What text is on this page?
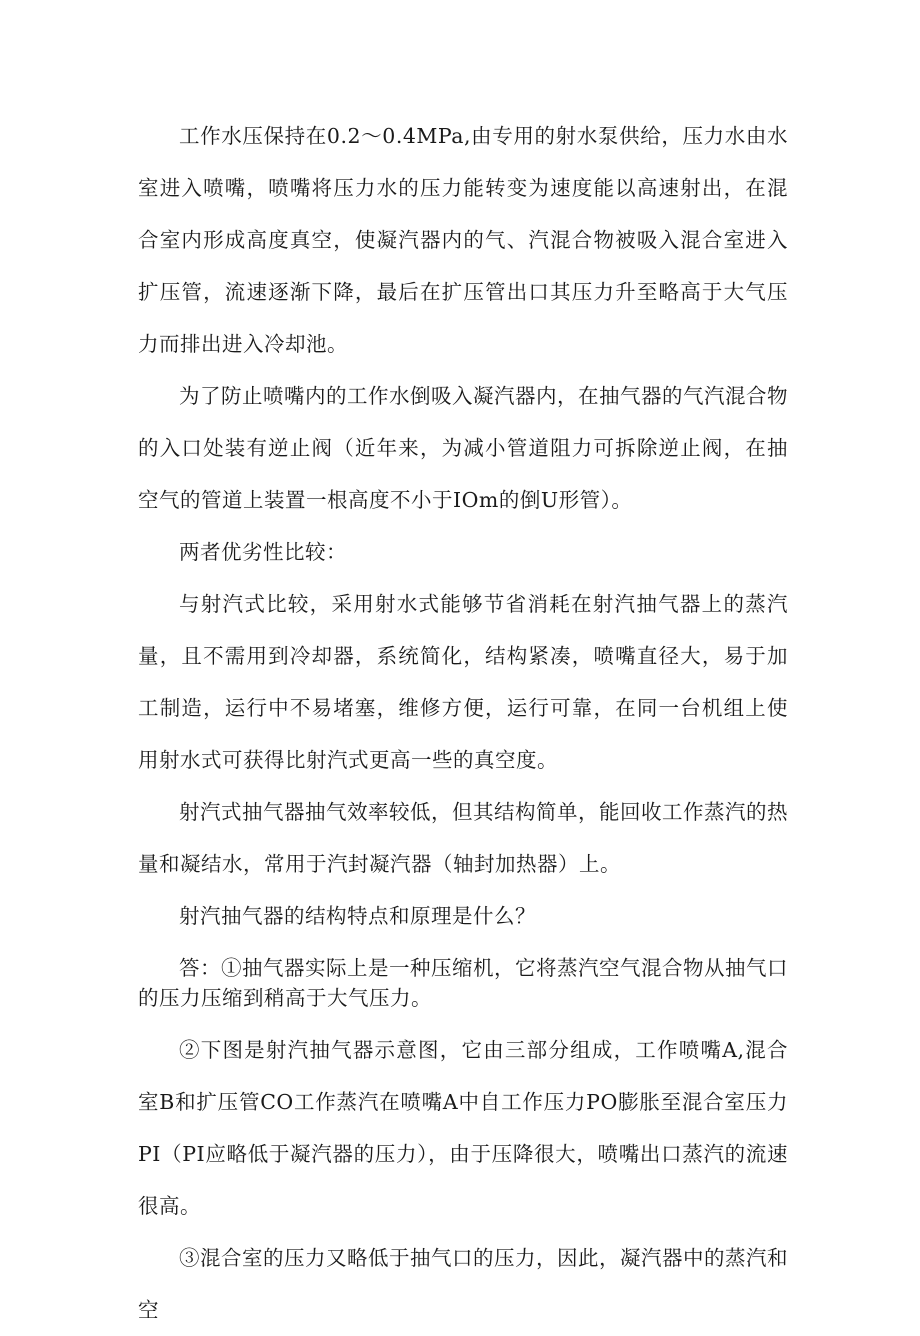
工作水压保持在0.2～0.4MPa,由专用的射水泵供给，压力水由水室进入喷嘴，喷嘴将压力水的压力能转变为速度能以高速射出，在混合室内形成高度真空，使凝汽器内的气、汽混合物被吸入混合室进入扩压管，流速逐渐下降，最后在扩压管出口其压力升至略高于大气压力而排出进入冷却池。

为了防止喷嘴内的工作水倒吸入凝汽器内，在抽气器的气汽混合物的入口处装有逆止阀（近年来，为减小管道阻力可拆除逆止阀，在抽空气的管道上装置一根高度不小于IOm的倒U形管）。

两者优劣性比较：

与射汽式比较，采用射水式能够节省消耗在射汽抽气器上的蒸汽量，且不需用到冷却器，系统简化，结构紧凑，喷嘴直径大，易于加工制造，运行中不易堵塞，维修方便，运行可靠，在同一台机组上使用射水式可获得比射汽式更高一些的真空度。

射汽式抽气器抽气效率较低，但其结构简单，能回收工作蒸汽的热量和凝结水，常用于汽封凝汽器（轴封加热器）上。

射汽抽气器的结构特点和原理是什么？

答：①抽气器实际上是一种压缩机，它将蒸汽空气混合物从抽气口的压力压缩到稍高于大气压力。

②下图是射汽抽气器示意图，它由三部分组成，工作喷嘴A,混合室B和扩压管CO工作蒸汽在喷嘴A中自工作压力PO膨胀至混合室压力PI（PI应略低于凝汽器的压力），由于压降很大，喷嘴出口蒸汽的流速很高。

③混合室的压力又略低于抽气口的压力，因此，凝汽器中的蒸汽和空
